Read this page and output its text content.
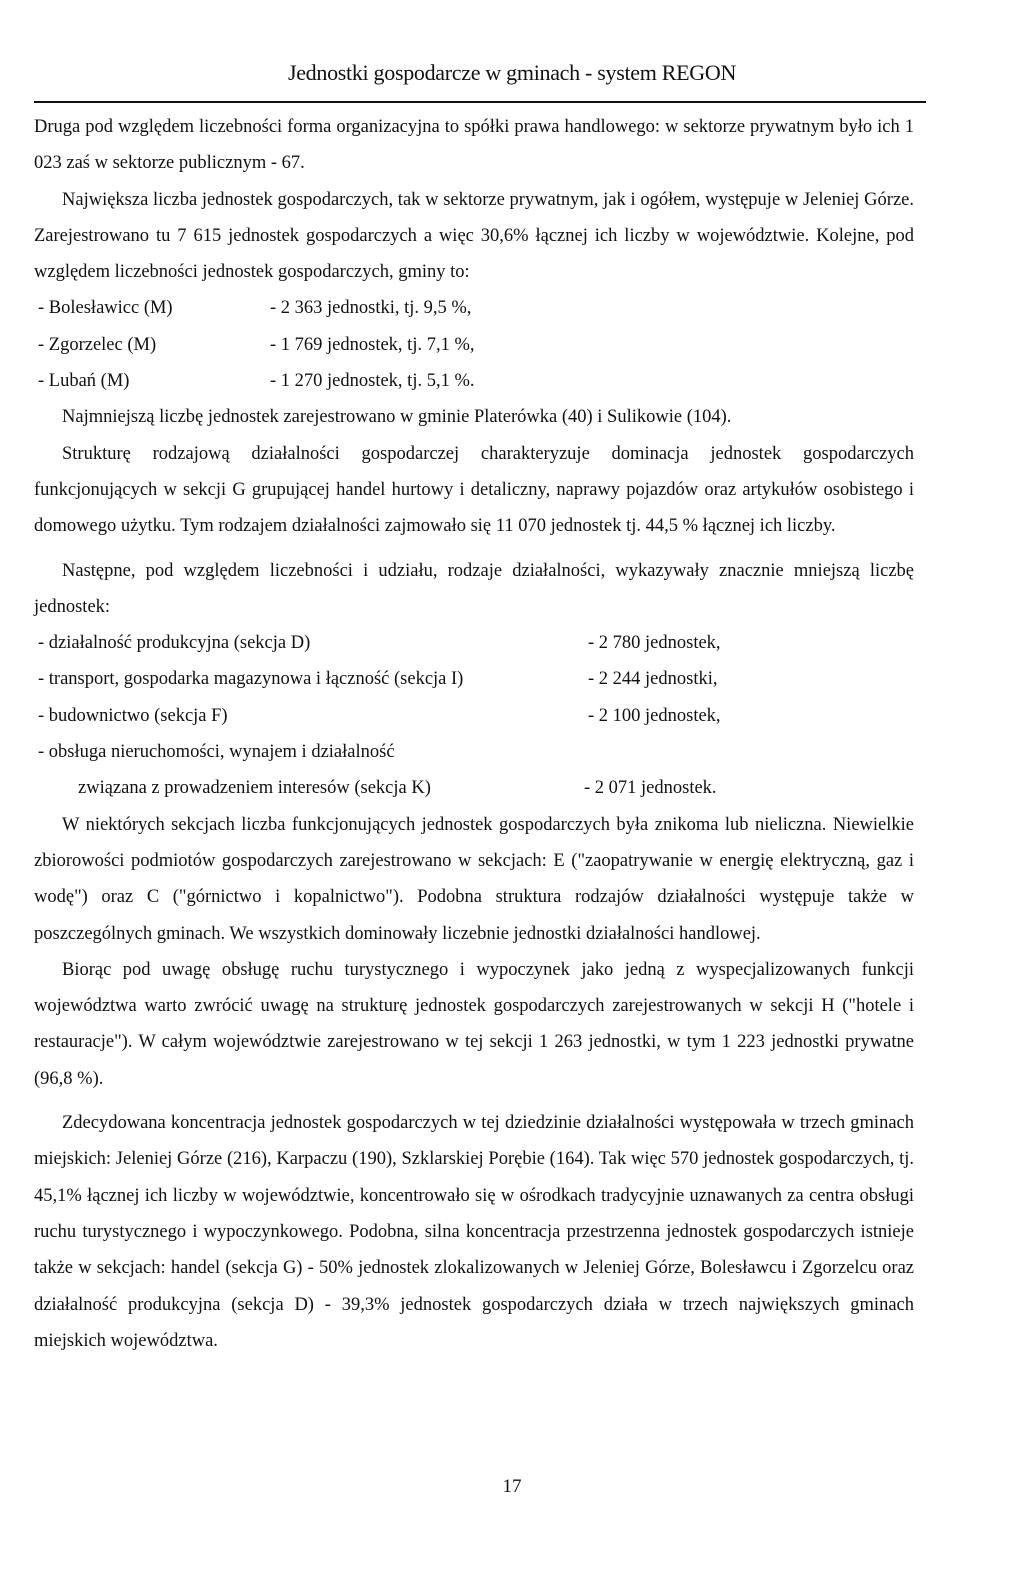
Jednostki gospodarcze w gminach - system REGON

Druga pod względem liczebności forma organizacyjna to spółki prawa handlowego: w sektorze prywatnym było ich 1 023 zaś w sektorze publicznym - 67.

Największa liczba jednostek gospodarczych, tak w sektorze prywatnym, jak i ogółem, występuje w Jeleniej Górze. Zarejestrowano tu 7 615 jednostek gospodarczych a więc 30,6% łącznej ich liczby w województwie. Kolejne, pod względem liczebności jednostek gospodarczych, gminy to:

- Bolesławicc (M)	- 2 363 jednostki, tj. 9,5 %,
- Zgorzelec (M)	- 1 769 jednostek, tj. 7,1 %,
- Lubań (M)	- 1 270 jednostek, tj. 5,1 %.

Najmniejszą liczbę jednostek zarejestrowano w gminie Platerówka (40) i Sulikowie (104).

Strukturę rodzajową działalności gospodarczej charakteryzuje dominacja jednostek gospodarczych funkcjonujących w sekcji G grupującej handel hurtowy i detaliczny, naprawy pojazdów oraz artykułów osobistego i domowego użytku. Tym rodzajem działalności zajmowało się 11 070 jednostek tj. 44,5 % łącznej ich liczby.

Następne, pod względem liczebności i udziału, rodzaje działalności, wykazywały znacznie mniejszą liczbę jednostek:

- działalność produkcyjna (sekcja D)	- 2 780 jednostek,
- transport, gospodarka magazynowa i łączność (sekcja I)	- 2 244 jednostki,
- budownictwo (sekcja F)	- 2 100 jednostek,
- obsługa nieruchomości, wynajem i działalność
związana z prowadzeniem interesów (sekcja K)	- 2 071 jednostek.

W niektórych sekcjach liczba funkcjonujących jednostek gospodarczych była znikoma lub nieliczna. Niewielkie zbiorowości podmiotów gospodarczych zarejestrowano w sekcjach: E ("zaopatrywanie w energię elektryczną, gaz i wodę") oraz C ("górnictwo i kopalnictwo"). Podobna struktura rodzajów działalności występuje także w poszczególnych gminach. We wszystkich dominowały liczebnie jednostki działalności handlowej.

Biorąc pod uwagę obsługę ruchu turystycznego i wypoczynek jako jedną z wyspecjalizowanych funkcji województwa warto zwrócić uwagę na strukturę jednostek gospodarczych zarejestrowanych w sekcji H ("hotele i restauracje"). W całym województwie zarejestrowano w tej sekcji 1 263 jednostki, w tym 1 223 jednostki prywatne (96,8 %).

Zdecydowana koncentracja jednostek gospodarczych w tej dziedzinie działalności występowała w trzech gminach miejskich: Jeleniej Górze (216), Karpaczu (190), Szklarskiej Porębie (164). Tak więc 570 jednostek gospodarczych, tj. 45,1% łącznej ich liczby w województwie, koncentrowało się w ośrodkach tradycyjnie uznawanych za centra obsługi ruchu turystycznego i wypoczynkowego. Podobna, silna koncentracja przestrzenna jednostek gospodarczych istnieje także w sekcjach: handel (sekcja G) - 50% jednostek zlokalizowanych w Jeleniej Górze, Bolesławcu i Zgorzelcu oraz działalność produkcyjna (sekcja D) - 39,3% jednostek gospodarczych działa w trzech największych gminach miejskich województwa.

17
